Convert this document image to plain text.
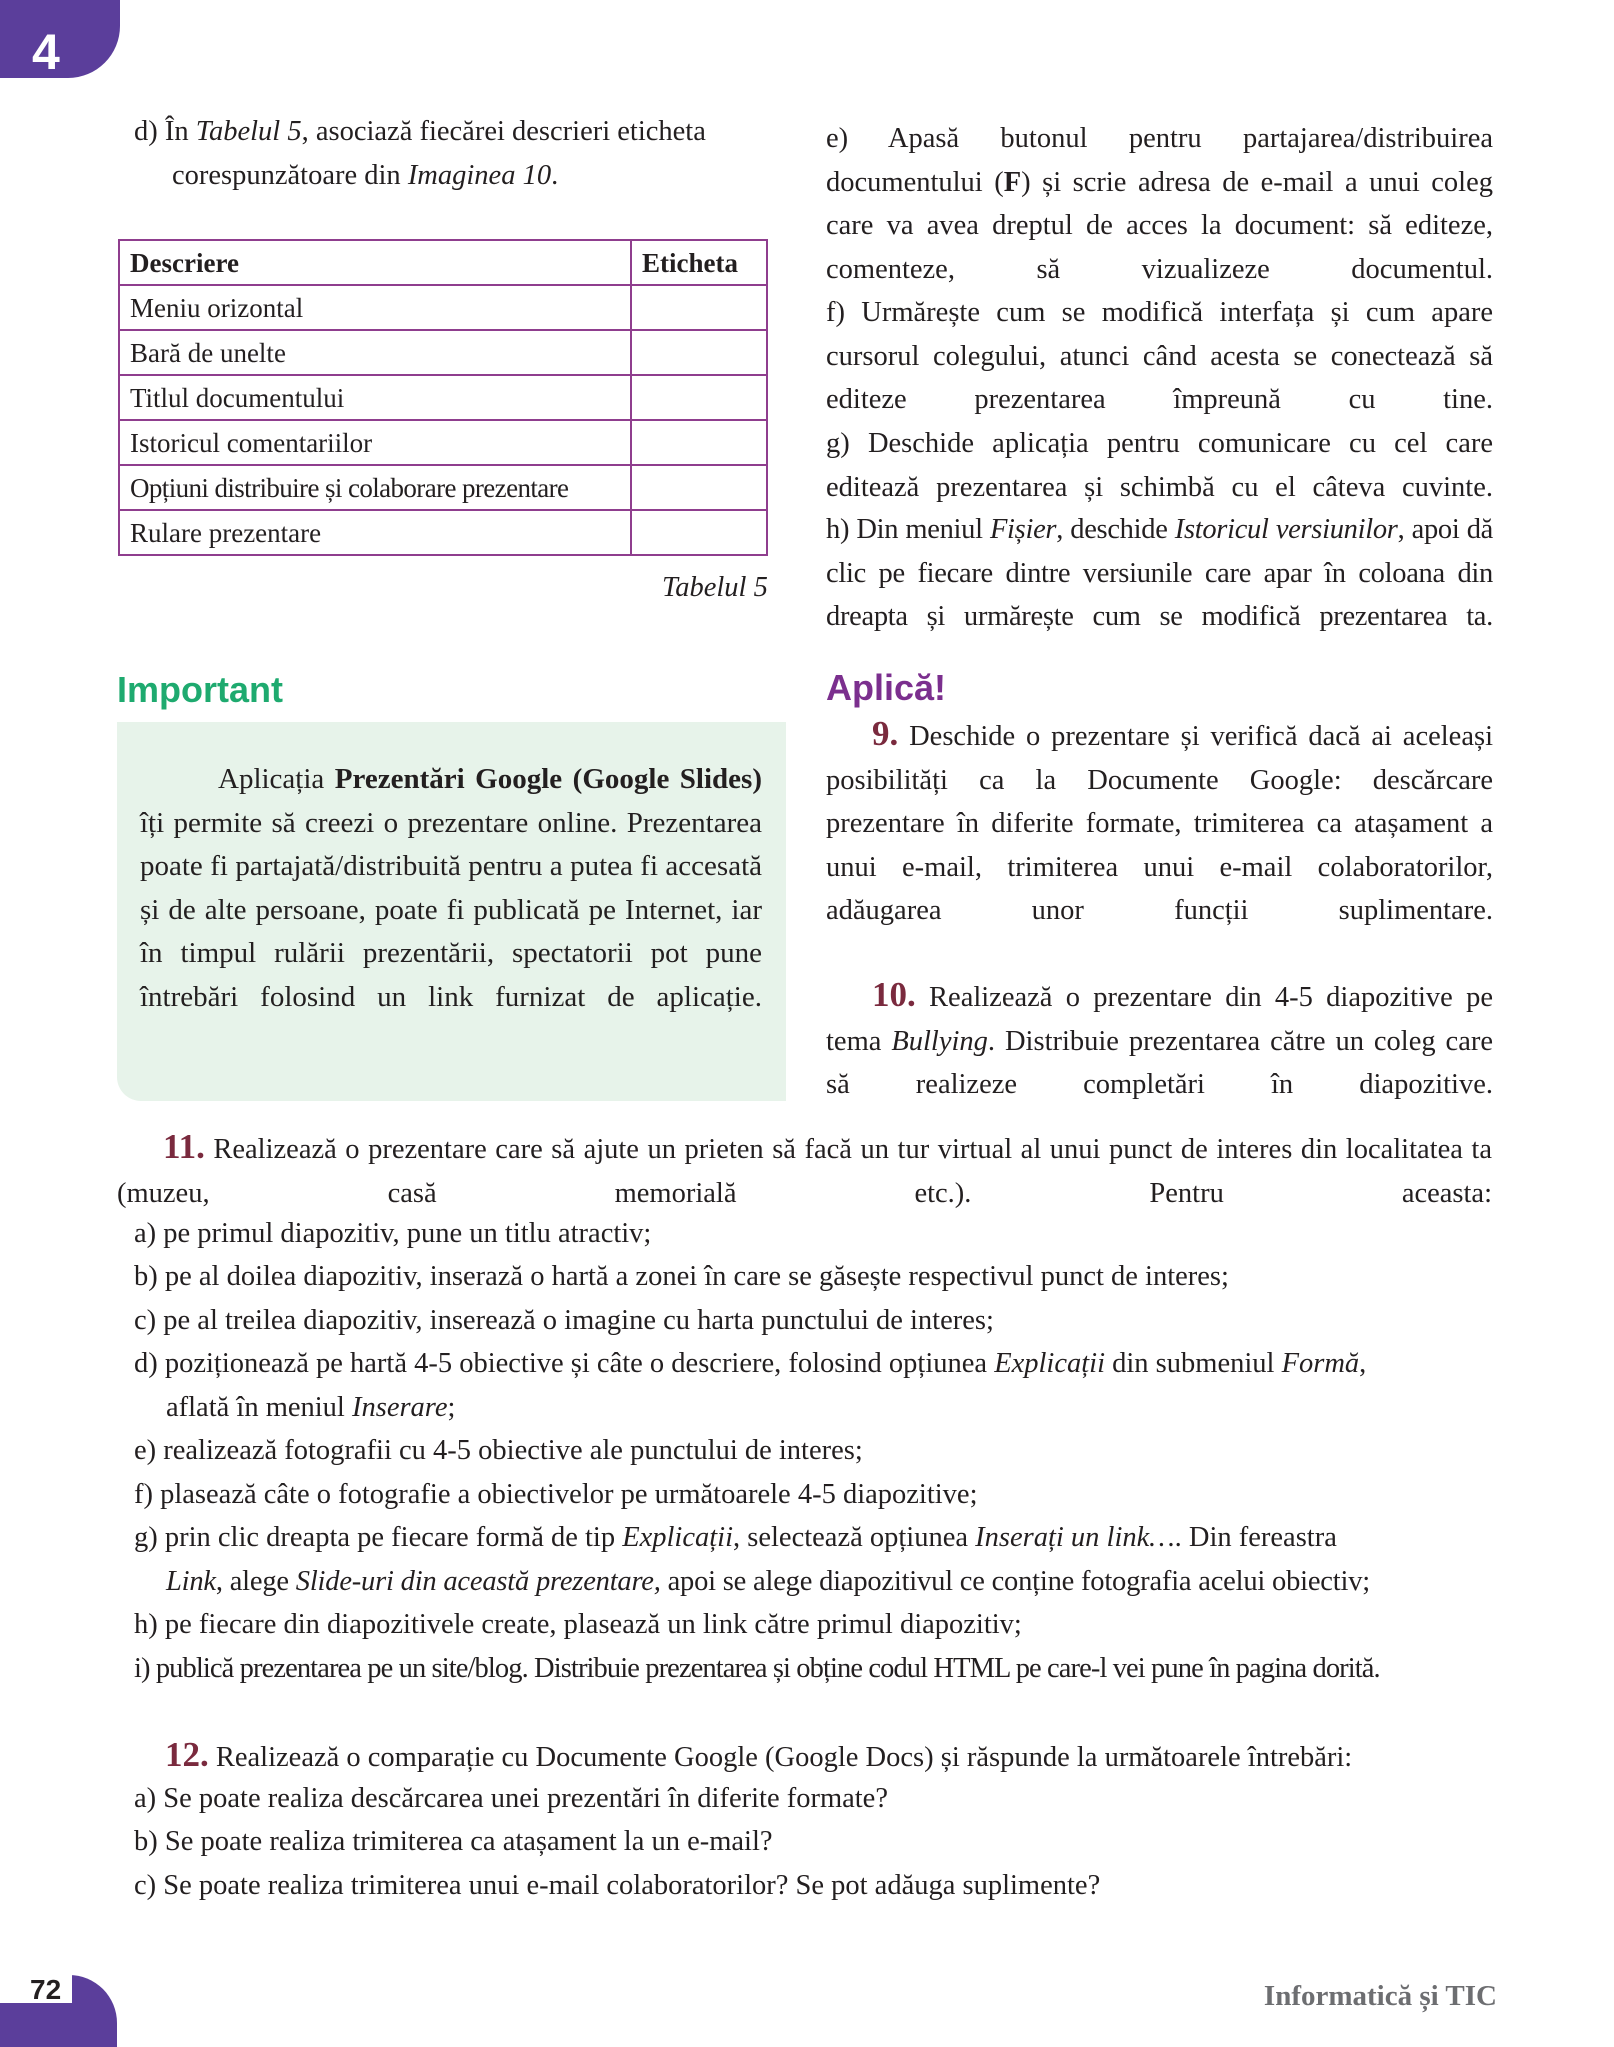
4
d) În Tabelul 5, asociază fiecărei descrieri eticheta
corespunzătoare din Imaginea 10.
Descriere	Eticheta
Meniu orizontal	
Bară de unelte	
Titlul documentului	
Istoricul comentariilor	
Opțiuni distribuire și colaborare prezentare	
Rulare prezentare	
Tabelul 5
Important
Aplicația Prezentări Google (Google Slides) îți permite să creezi o prezentare online. Prezentarea poate fi partajată/distribuită pentru a putea fi accesată și de alte persoane, poate fi publicată pe Internet, iar în timpul rulării prezentării, spectatorii pot pune întrebări folosind un link furnizat de aplicație.
e) Apasă butonul pentru partajarea/distribuirea documentului (F) și scrie adresa de e-mail a unui coleg care va avea dreptul de acces la document: să editeze, comenteze, să vizualizeze documentul.
f) Urmărește cum se modifică interfața și cum apare cursorul colegului, atunci când acesta se conectează să editeze prezentarea împreună cu tine.
g) Deschide aplicația pentru comunicare cu cel care editează prezentarea și schimbă cu el câteva cuvinte.
h) Din meniul Fișier, deschide Istoricul versiunilor, apoi dă clic pe fiecare dintre versiunile care apar în coloana din dreapta și urmărește cum se modifică prezentarea ta.
Aplică!
9. Deschide o prezentare și verifică dacă ai aceleași posibilități ca la Documente Google: descărcare prezentare în diferite formate, trimiterea ca atașament a unui e-mail, trimiterea unui e-mail colaboratorilor, adăugarea unor funcții suplimentare.
10. Realizează o prezentare din 4-5 diapozitive pe tema Bullying. Distribuie prezentarea către un coleg care să realizeze completări în diapozitive.
11. Realizează o prezentare care să ajute un prieten să facă un tur virtual al unui punct de interes din localitatea ta (muzeu, casă memorială etc.). Pentru aceasta:
a) pe primul diapozitiv, pune un titlu atractiv;
b) pe al doilea diapozitiv, inserază o hartă a zonei în care se găsește respectivul punct de interes;
c) pe al treilea diapozitiv, inserează o imagine cu harta punctului de interes;
d) poziționează pe hartă 4-5 obiective și câte o descriere, folosind opțiunea Explicații din submeniul Formă,
aflată în meniul Inserare;
e) realizează fotografii cu 4-5 obiective ale punctului de interes;
f) plasează câte o fotografie a obiectivelor pe următoarele 4-5 diapozitive;
g) prin clic dreapta pe fiecare formă de tip Explicații, selectează opțiunea Inserați un link…. Din fereastra
Link, alege Slide-uri din această prezentare, apoi se alege diapozitivul ce conține fotografia acelui obiectiv;
h) pe fiecare din diapozitivele create, plasează un link către primul diapozitiv;
i) publică prezentarea pe un site/blog. Distribuie prezentarea și obține codul HTML pe care-l vei pune în pagina dorită.
12. Realizează o comparație cu Documente Google (Google Docs) și răspunde la următoarele întrebări:
a) Se poate realiza descărcarea unei prezentări în diferite formate?
b) Se poate realiza trimiterea ca atașament la un e-mail?
c) Se poate realiza trimiterea unui e-mail colaboratorilor? Se pot adăuga suplimente?
72	Informatică și TIC
